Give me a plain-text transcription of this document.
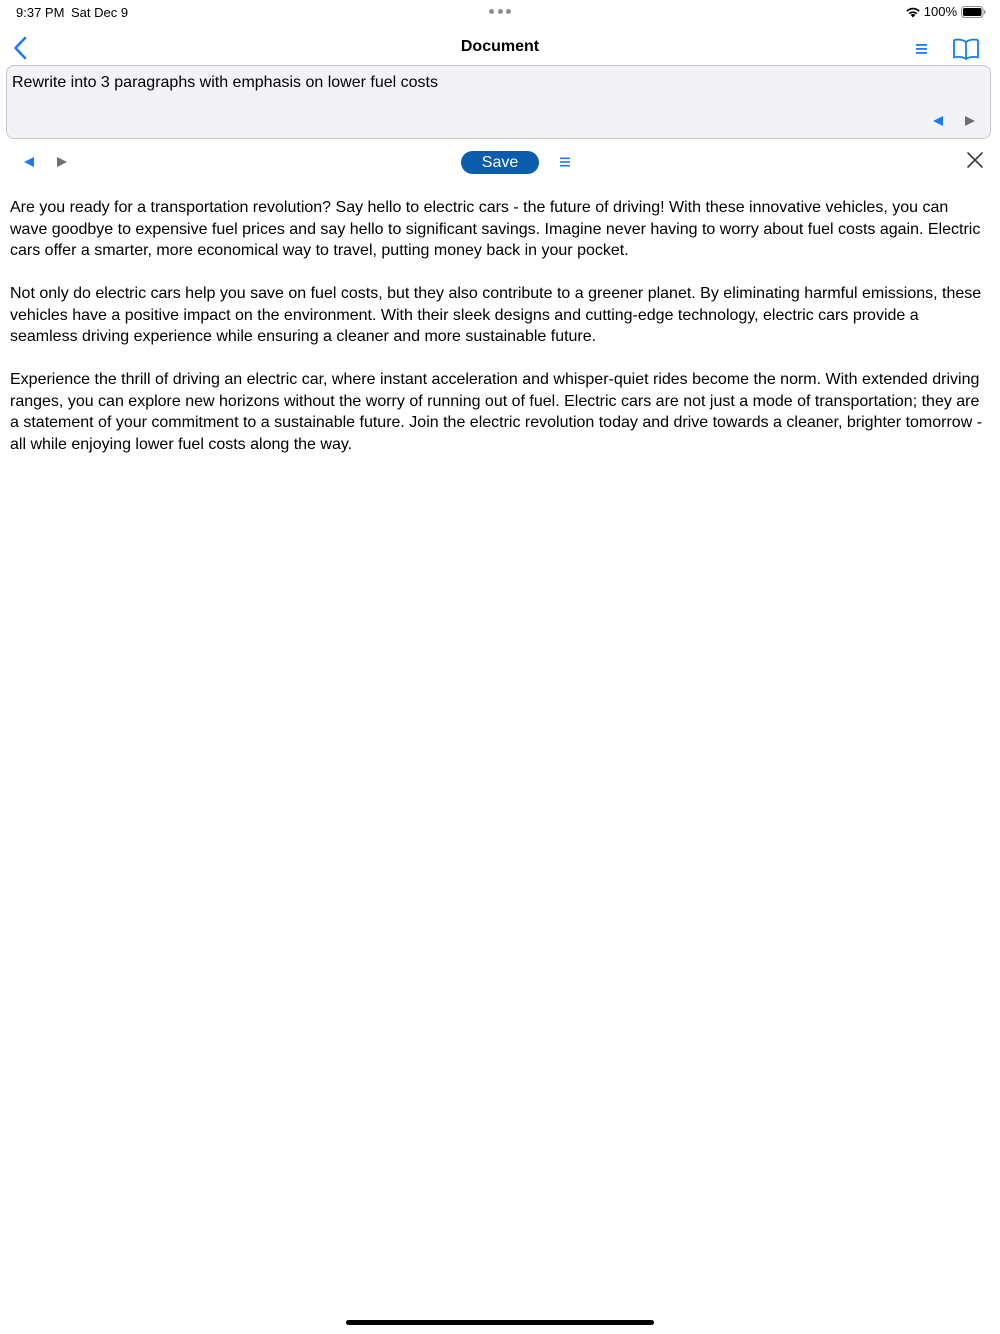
9:37 PM Sat Dec 9	100%
Document
Rewrite into 3 paragraphs with emphasis on lower fuel costs
Save

Are you ready for a transportation revolution? Say hello to electric cars - the future of driving! With these innovative vehicles, you can wave goodbye to expensive fuel prices and say hello to significant savings. Imagine never having to worry about fuel costs again. Electric cars offer a smarter, more economical way to travel, putting money back in your pocket.

Not only do electric cars help you save on fuel costs, but they also contribute to a greener planet. By eliminating harmful emissions, these vehicles have a positive impact on the environment. With their sleek designs and cutting-edge technology, electric cars provide a seamless driving experience while ensuring a cleaner and more sustainable future.

Experience the thrill of driving an electric car, where instant acceleration and whisper-quiet rides become the norm. With extended driving ranges, you can explore new horizons without the worry of running out of fuel. Electric cars are not just a mode of transportation; they are a statement of your commitment to a sustainable future. Join the electric revolution today and drive towards a cleaner, brighter tomorrow - all while enjoying lower fuel costs along the way.
